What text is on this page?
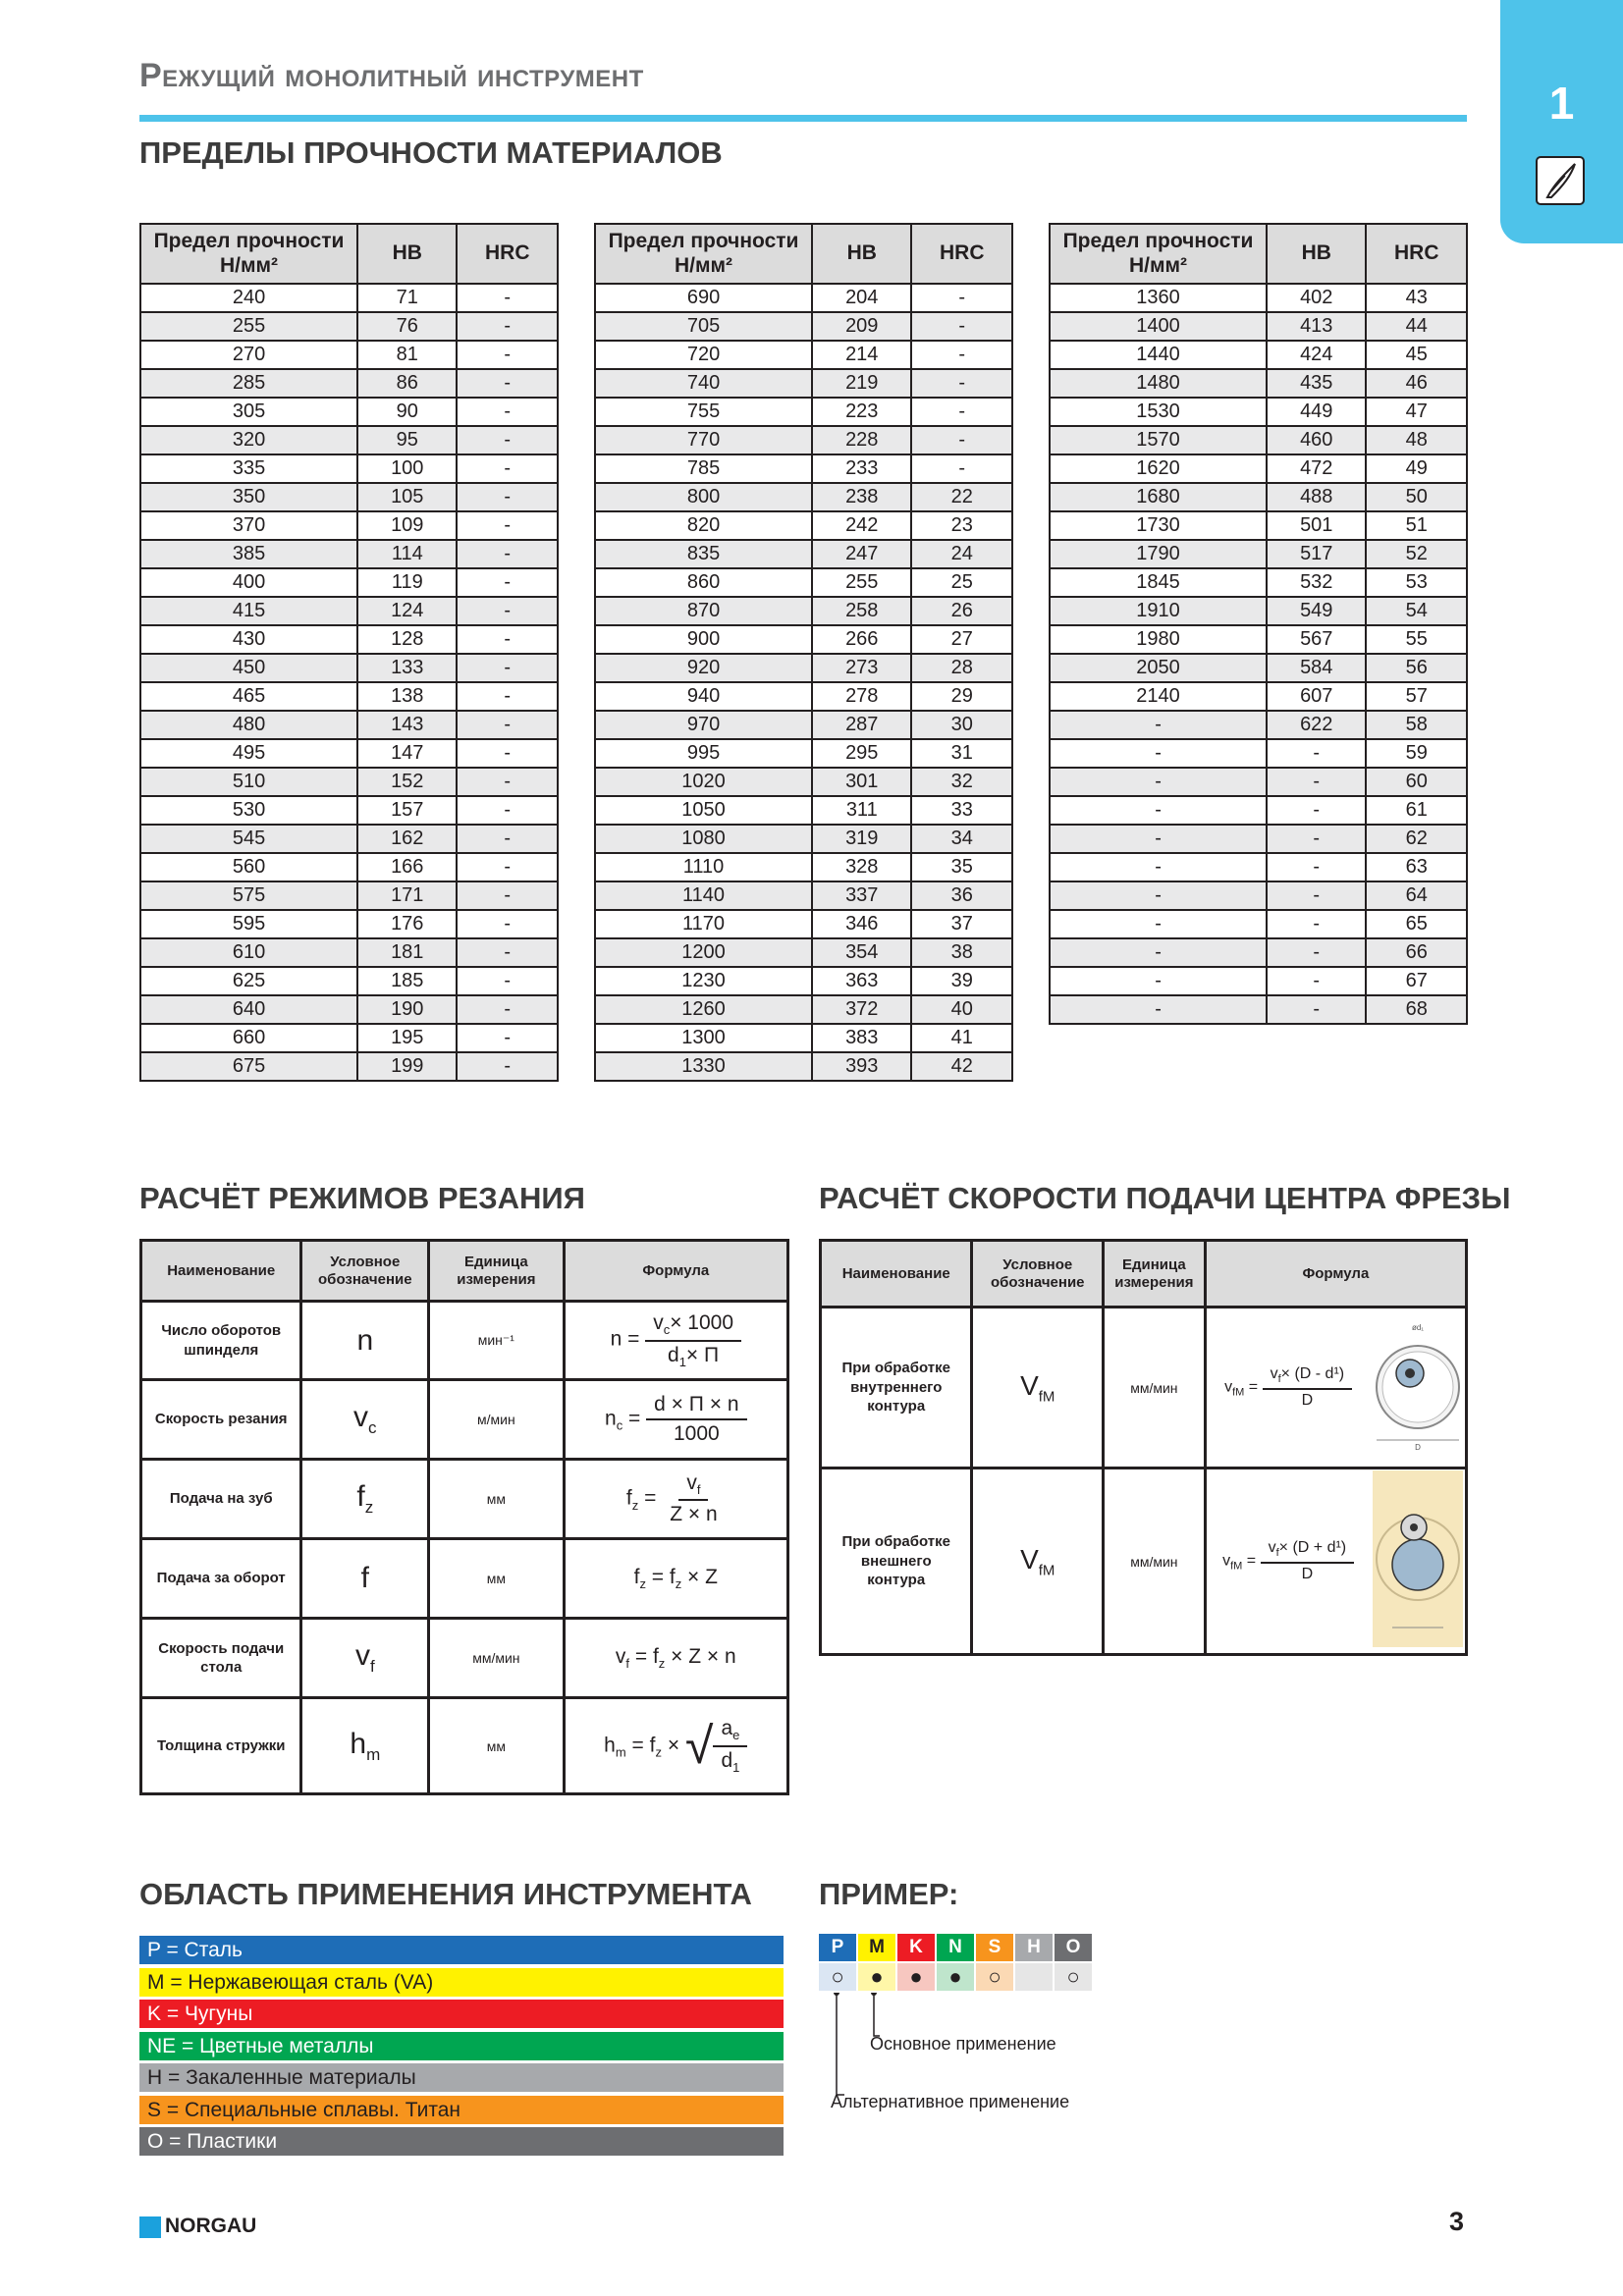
Режущий монолитный инструмент
1
ПРЕДЕЛЫ ПРОЧНОСТИ МАТЕРИАЛОВ
Предел прочности Н/мм²	HB	HRC
240	71	-
255	76	-
270	81	-
285	86	-
305	90	-
320	95	-
335	100	-
350	105	-
370	109	-
385	114	-
400	119	-
415	124	-
430	128	-
450	133	-
465	138	-
480	143	-
495	147	-
510	152	-
530	157	-
545	162	-
560	166	-
575	171	-
595	176	-
610	181	-
625	185	-
640	190	-
660	195	-
675	199	-
Предел прочности Н/мм²	HB	HRC
690	204	-
705	209	-
720	214	-
740	219	-
755	223	-
770	228	-
785	233	-
800	238	22
820	242	23
835	247	24
860	255	25
870	258	26
900	266	27
920	273	28
940	278	29
970	287	30
995	295	31
1020	301	32
1050	311	33
1080	319	34
1110	328	35
1140	337	36
1170	346	37
1200	354	38
1230	363	39
1260	372	40
1300	383	41
1330	393	42
Предел прочности Н/мм²	HB	HRC
1360	402	43
1400	413	44
1440	424	45
1480	435	46
1530	449	47
1570	460	48
1620	472	49
1680	488	50
1730	501	51
1790	517	52
1845	532	53
1910	549	54
1980	567	55
2050	584	56
2140	607	57
-	622	58
-	-	59
-	-	60
-	-	61
-	-	62
-	-	63
-	-	64
-	-	65
-	-	66
-	-	67
-	-	68
РАСЧЁТ РЕЖИМОВ РЕЗАНИЯ
Наименование	Условное обозначение	Единица измерения	Формула
Число оборотов шпинделя	n	мин⁻¹	$n = \frac{v_c\times 1000}{d_1\times \Pi}$

Скорость резания	$v_c$	м/мин	$n_c = \frac{d \times \Pi \times n}{1000}$

Подача на зуб	$f_z$	мм	$f_z = \frac{v_f}{Z \times n}$

Подача за оборот	f	мм	$f_z = f_z \times Z$
Скорость подачи стола	$v_f$	мм/мин	$v_f = f_z \times Z \times n$
Толщина стружки	$h_m$	мм	$h_m = f_z$ × √ $\frac{a_e}{d_1}$
РАСЧЁТ СКОРОСТИ ПОДАЧИ ЦЕНТРА ФРЕЗЫ
Наименование	Условное обозначение	Единица измерения	Формула	
При обработке внутреннего контура	$V_{fM}$	мм/мин	$v_{fM} = \frac{v_f\times (D - d^1)}{D}$	ød₁
D

При обработке внешнего контура	$V_{fM}$	мм/мин	$v_{fM} = \frac{v_f\times (D + d^1)}{D}$

ОБЛАСТЬ ПРИМЕНЕНИЯ ИНСТРУМЕНТА
P = Сталь
M = Нержавеющая сталь (VA)
K = Чугуны
NE = Цветные металлы
H = Закаленные материалы
S = Специальные сплавы. Титан
O = Пластики
ПРИМЕР:
P
○
M
●
K
●
N
●
S
○
H	O
○
Основное применение
Альтернативное применение
NORGAU	3
